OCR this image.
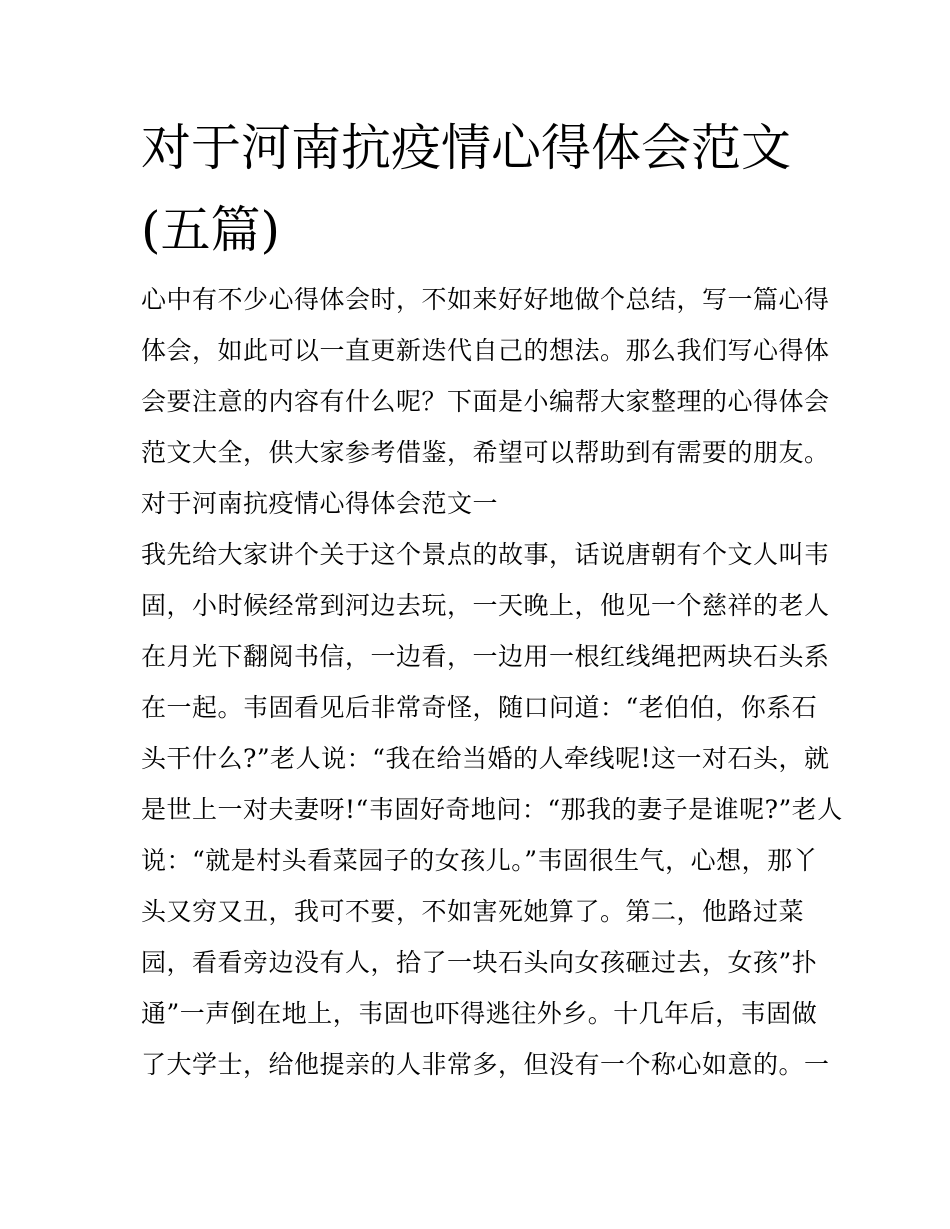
对于河南抗疫情心得体会范文
(五篇)
心中有不少心得体会时，不如来好好地做个总结，写一篇心得
体会，如此可以一直更新迭代自己的想法。那么我们写心得体
会要注意的内容有什么呢？下面是小编帮大家整理的心得体会
范文大全，供大家参考借鉴，希望可以帮助到有需要的朋友。
对于河南抗疫情心得体会范文一
我先给大家讲个关于这个景点的故事，话说唐朝有个文人叫韦
固，小时候经常到河边去玩，一天晚上，他见一个慈祥的老人
在月光下翻阅书信，一边看，一边用一根红线绳把两块石头系
在一起。韦固看见后非常奇怪，随口问道：“老伯伯，你系石
头干什么?”老人说：“我在给当婚的人牵线呢!这一对石头，就
是世上一对夫妻呀!“韦固好奇地问：“那我的妻子是谁呢?”老人
说：“就是村头看菜园子的女孩儿。”韦固很生气，心想，那丫
头又穷又丑，我可不要，不如害死她算了。第二，他路过菜
园，看看旁边没有人，拾了一块石头向女孩砸过去，女孩”扑
通”一声倒在地上，韦固也吓得逃往外乡。十几年后，韦固做
了大学士，给他提亲的人非常多，但没有一个称心如意的。一
